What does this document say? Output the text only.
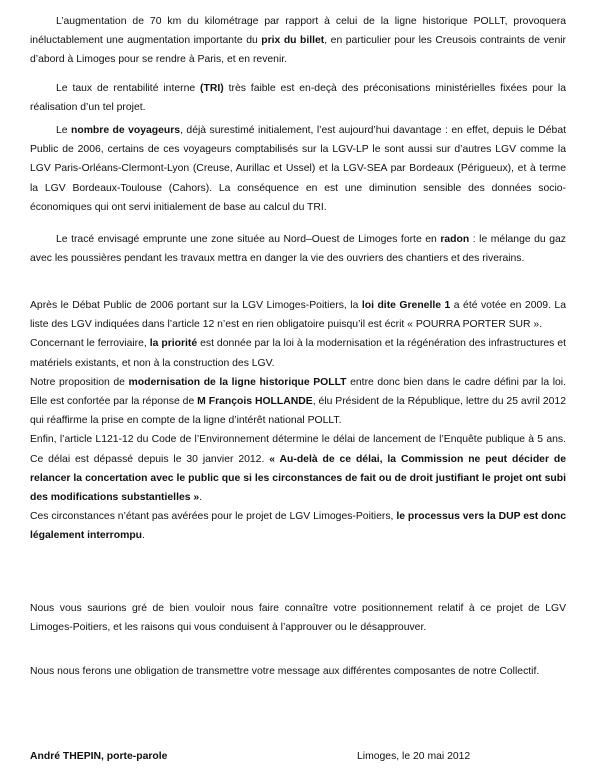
L’augmentation de 70 km du kilométrage par rapport à celui de la ligne historique POLLT, provoquera inéluctablement une augmentation importante du prix du billet, en particulier pour les Creusois contraints de venir d’abord à Limoges pour se rendre à Paris, et en revenir.

Le taux de rentabilité interne (TRI) très faible est en-deçà des préconisations ministérielles fixées pour la réalisation d’un tel projet.

Le nombre de voyageurs, déjà surestimé initialement, l’est aujourd’hui davantage : en effet, depuis le Débat Public de 2006, certains de ces voyageurs comptabilisés sur la LGV-LP le sont aussi sur d’autres LGV comme la LGV Paris-Orléans-Clermont-Lyon (Creuse, Aurillac et Ussel) et la LGV-SEA par Bordeaux (Périgueux), et à terme la LGV Bordeaux-Toulouse (Cahors). La conséquence en est une diminution sensible des données socio-économiques qui ont servi initialement de base au calcul du TRI.

Le tracé envisagé emprunte une zone située au Nord–Ouest de Limoges forte en radon : le mélange du gaz avec les poussières pendant les travaux mettra en danger la vie des ouvriers des chantiers et des riverains.

Après le Débat Public de 2006 portant sur la LGV Limoges-Poitiers, la loi dite Grenelle 1 a été votée en 2009. La liste des LGV indiquées dans l’article 12 n’est en rien obligatoire puisqu’il est écrit « POURRA PORTER SUR ».
Concernant le ferroviaire, la priorité est donnée par la loi à la modernisation et la régénération des infrastructures et matériels existants, et non à la construction des LGV.
Notre proposition de modernisation de la ligne historique POLLT entre donc bien dans le cadre défini par la loi. Elle est confortée par la réponse de M François HOLLANDE, élu Président de la République, lettre du 25 avril 2012 qui réaffirme la prise en compte de la ligne d’intérêt national POLLT.
Enfin, l’article L121-12 du Code de l’Environnement détermine le délai de lancement de l’Enquête publique à 5 ans. Ce délai est dépassé depuis le 30 janvier 2012. « Au-delà de ce délai, la Commission ne peut décider de relancer la concertation avec le public que si les circonstances de fait ou de droit justifiant le projet ont subi des modifications substantielles ».
Ces circonstances n’étant pas avérées pour le projet de LGV Limoges-Poitiers, le processus vers la DUP est donc légalement interrompu.

Nous vous saurions gré de bien vouloir nous faire connaître votre positionnement relatif à ce projet de LGV Limoges-Poitiers, et les raisons qui vous conduisent à l’approuver ou le désapprouver.

Nous nous ferons une obligation de transmettre votre message aux différentes composantes de notre Collectif.

André THEPIN, porte-parole	Limoges, le 20 mai 2012
